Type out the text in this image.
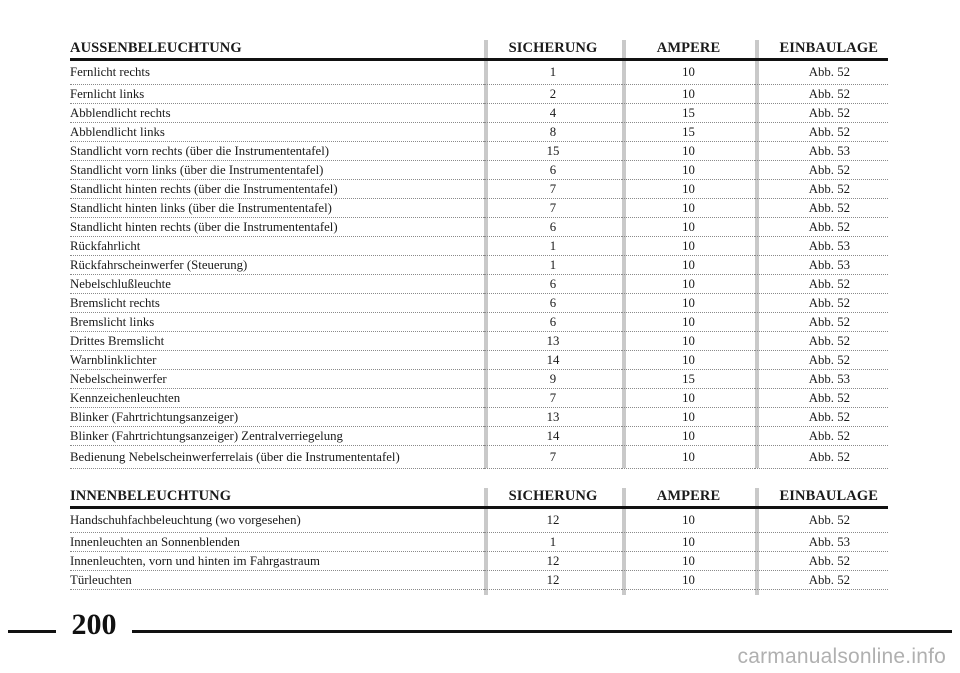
AUSSENBELEUCHTUNG	SICHERUNG	AMPERE	EINBAULAGE
Fernlicht rechts	1	10	Abb. 52
Fernlicht links	2	10	Abb. 52
Abblendlicht rechts	4	15	Abb. 52
Abblendlicht links	8	15	Abb. 52
Standlicht vorn rechts (über die Instrumententafel)	15	10	Abb. 53
Standlicht vorn links (über die Instrumententafel)	6	10	Abb. 52
Standlicht hinten rechts (über die Instrumententafel)	7	10	Abb. 52
Standlicht hinten links (über die Instrumententafel)	7	10	Abb. 52
Standlicht hinten rechts (über die Instrumententafel)	6	10	Abb. 52
Rückfahrlicht	1	10	Abb. 53
Rückfahrscheinwerfer (Steuerung)	1	10	Abb. 53
Nebelschlußleuchte	6	10	Abb. 52
Bremslicht rechts	6	10	Abb. 52
Bremslicht links	6	10	Abb. 52
Drittes Bremslicht	13	10	Abb. 52
Warnblinklichter	14	10	Abb. 52
Nebelscheinwerfer	9	15	Abb. 53
Kennzeichenleuchten	7	10	Abb. 52
Blinker (Fahrtrichtungsanzeiger)	13	10	Abb. 52
Blinker (Fahrtrichtungsanzeiger) Zentralverriegelung	14	10	Abb. 52
Bedienung Nebelscheinwerferrelais (über die Instrumententafel)	7	10	Abb. 52
INNENBELEUCHTUNG	SICHERUNG	AMPERE	EINBAULAGE
Handschuhfachbeleuchtung (wo vorgesehen)	12	10	Abb. 52
Innenleuchten an Sonnenblenden	1	10	Abb. 53
Innenleuchten, vorn und hinten im Fahrgastraum	12	10	Abb. 52
Türleuchten	12	10	Abb. 52
200
carmanualsonline.info
